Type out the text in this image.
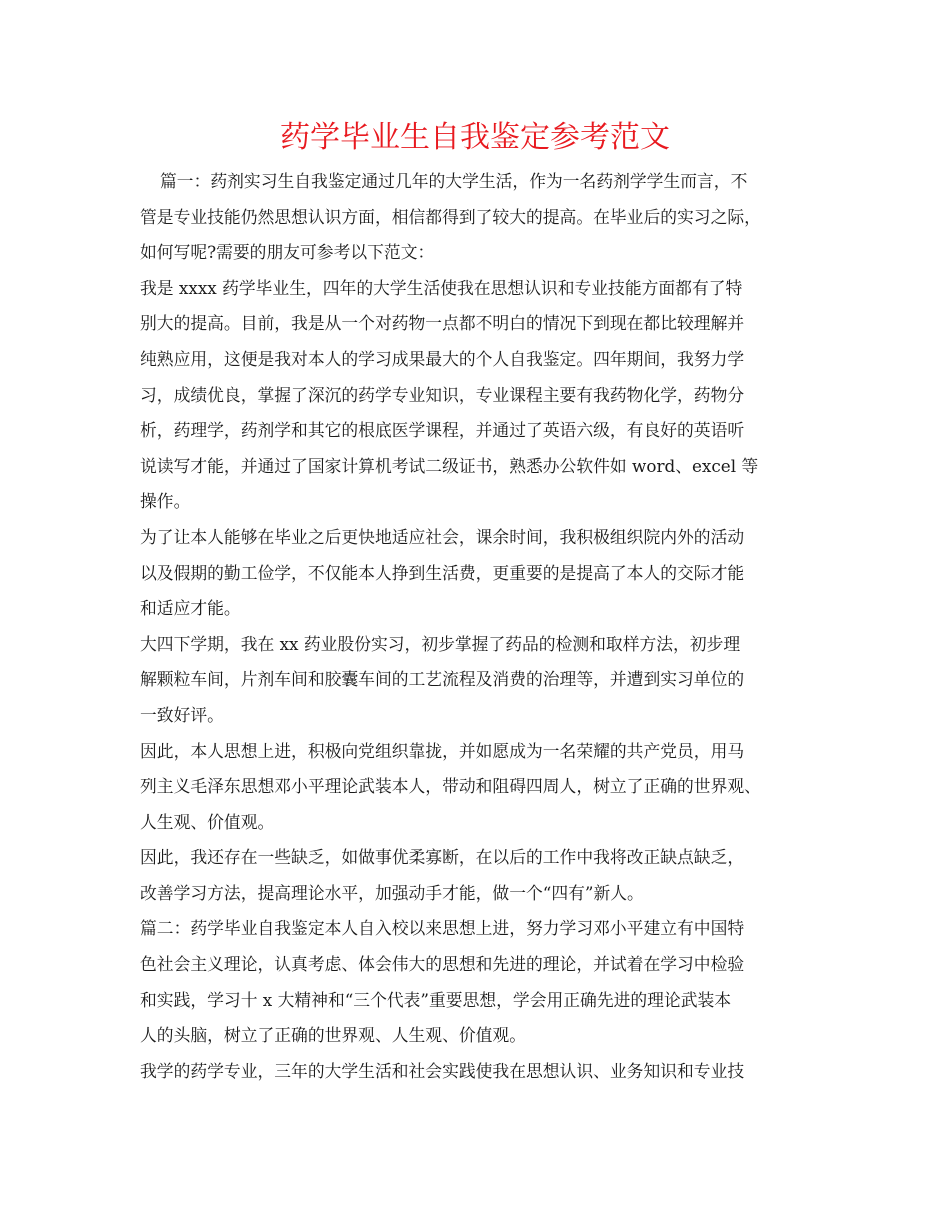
药学毕业生自我鉴定参考范文
篇一：药剂实习生自我鉴定通过几年的大学生活，作为一名药剂学学生而言，不
管是专业技能仍然思想认识方面，相信都得到了较大的提高。在毕业后的实习之际，
如何写呢?需要的朋友可参考以下范文：
我是 xxxx 药学毕业生，四年的大学生活使我在思想认识和专业技能方面都有了特
别大的提高。目前，我是从一个对药物一点都不明白的情况下到现在都比较理解并
纯熟应用，这便是我对本人的学习成果最大的个人自我鉴定。四年期间，我努力学
习，成绩优良，掌握了深沉的药学专业知识，专业课程主要有我药物化学，药物分
析，药理学，药剂学和其它的根底医学课程，并通过了英语六级，有良好的英语听
说读写才能，并通过了国家计算机考试二级证书，熟悉办公软件如 word、excel 等
操作。
为了让本人能够在毕业之后更快地适应社会，课余时间，我积极组织院内外的活动
以及假期的勤工俭学，不仅能本人挣到生活费，更重要的是提高了本人的交际才能
和适应才能。
大四下学期，我在 xx 药业股份实习，初步掌握了药品的检测和取样方法，初步理
解颗粒车间，片剂车间和胶囊车间的工艺流程及消费的治理等，并遭到实习单位的
一致好评。
因此，本人思想上进，积极向党组织靠拢，并如愿成为一名荣耀的共产党员，用马
列主义毛泽东思想邓小平理论武装本人，带动和阻碍四周人，树立了正确的世界观、
人生观、价值观。
因此，我还存在一些缺乏，如做事优柔寡断，在以后的工作中我将改正缺点缺乏，
改善学习方法，提高理论水平，加强动手才能，做一个“四有”新人。
篇二：药学毕业自我鉴定本人自入校以来思想上进，努力学习邓小平建立有中国特
色社会主义理论，认真考虑、体会伟大的思想和先进的理论，并试着在学习中检验
和实践，学习十 x 大精神和“三个代表”重要思想，学会用正确先进的理论武装本
人的头脑，树立了正确的世界观、人生观、价值观。
我学的药学专业，三年的大学生活和社会实践使我在思想认识、业务知识和专业技
